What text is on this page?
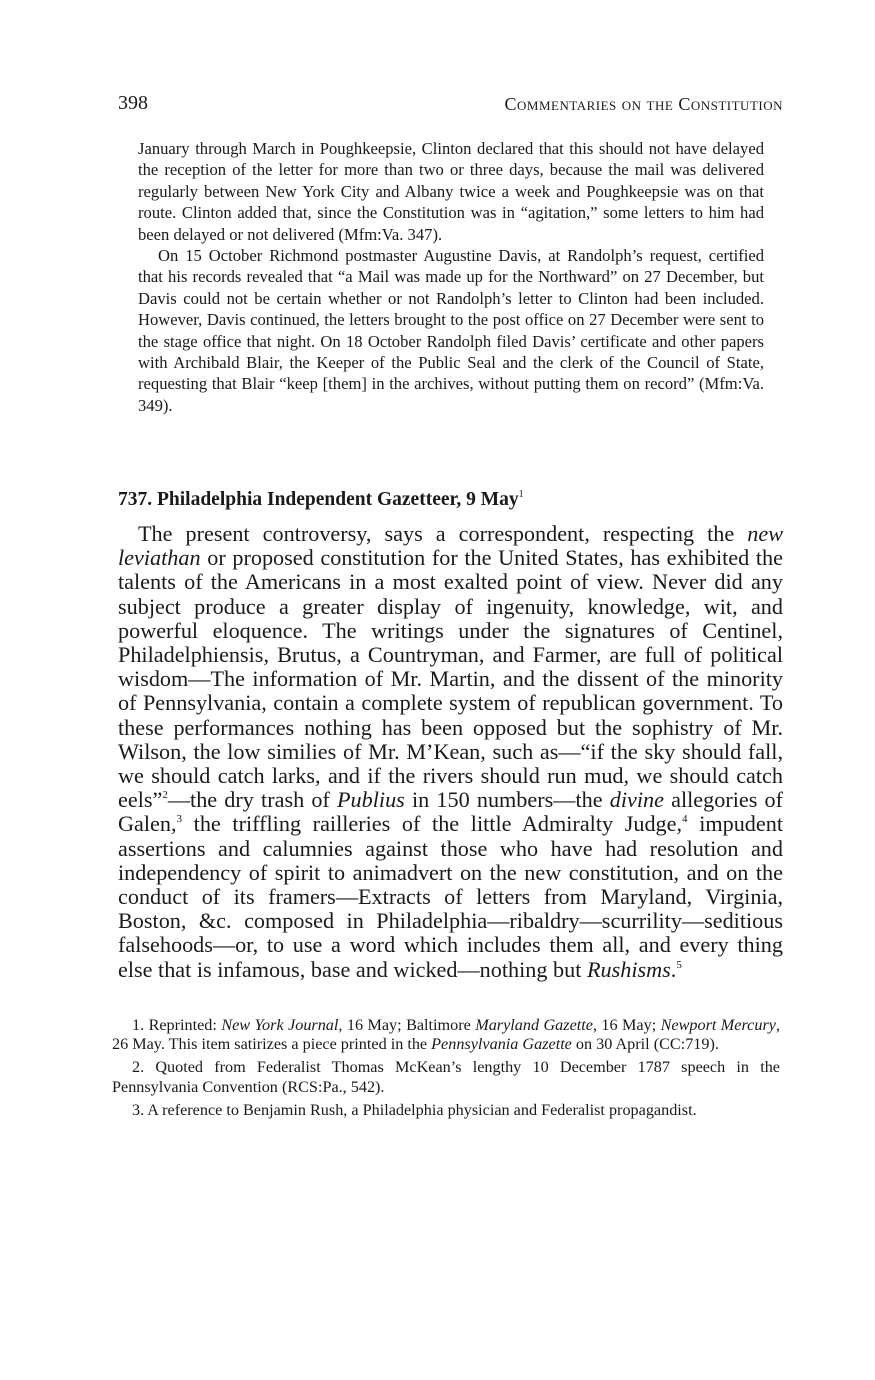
398	Commentaries on the Constitution

January through March in Poughkeepsie, Clinton declared that this should not have delayed the reception of the letter for more than two or three days, because the mail was delivered regularly between New York City and Albany twice a week and Poughkeepsie was on that route. Clinton added that, since the Constitution was in “agitation,” some letters to him had been delayed or not delivered (Mfm:Va. 347).

On 15 October Richmond postmaster Augustine Davis, at Randolph’s request, certified that his records revealed that “a Mail was made up for the Northward” on 27 December, but Davis could not be certain whether or not Randolph’s letter to Clinton had been included. However, Davis continued, the letters brought to the post office on 27 December were sent to the stage office that night. On 18 October Randolph filed Davis’ certificate and other papers with Archibald Blair, the Keeper of the Public Seal and the clerk of the Council of State, requesting that Blair “keep [them] in the archives, without putting them on record” (Mfm:Va. 349).

737. Philadelphia Independent Gazetteer, 9 May$^1$

The present controversy, says a correspondent, respecting the new leviathan or proposed constitution for the United States, has exhibited the talents of the Americans in a most exalted point of view. Never did any subject produce a greater display of ingenuity, knowledge, wit, and powerful eloquence. The writings under the signatures of Centinel, Philadelphiensis, Brutus, a Countryman, and Farmer, are full of political wisdom—The information of Mr. Martin, and the dissent of the minority of Pennsylvania, contain a complete system of republican government. To these performances nothing has been opposed but the sophistry of Mr. Wilson, the low similies of Mr. M’Kean, such as—“if the sky should fall, we should catch larks, and if the rivers should run mud, we should catch eels”$^2$—the dry trash of Publius in 150 numbers—the divine allegories of Galen,$^3$ the triffling railleries of the little Admiralty Judge,$^4$ impudent assertions and calumnies against those who have had resolution and independency of spirit to animadvert on the new constitution, and on the conduct of its framers—Extracts of letters from Maryland, Virginia, Boston, &c. composed in Philadelphia—ribaldry—scurrility—seditious falsehoods—or, to use a word which includes them all, and every thing else that is infamous, base and wicked—nothing but Rushisms.$^5$

1. Reprinted: New York Journal, 16 May; Baltimore Maryland Gazette, 16 May; Newport Mercury, 26 May. This item satirizes a piece printed in the Pennsylvania Gazette on 30 April (CC:719).

2. Quoted from Federalist Thomas McKean’s lengthy 10 December 1787 speech in the Pennsylvania Convention (RCS:Pa., 542).

3. A reference to Benjamin Rush, a Philadelphia physician and Federalist propagandist.
